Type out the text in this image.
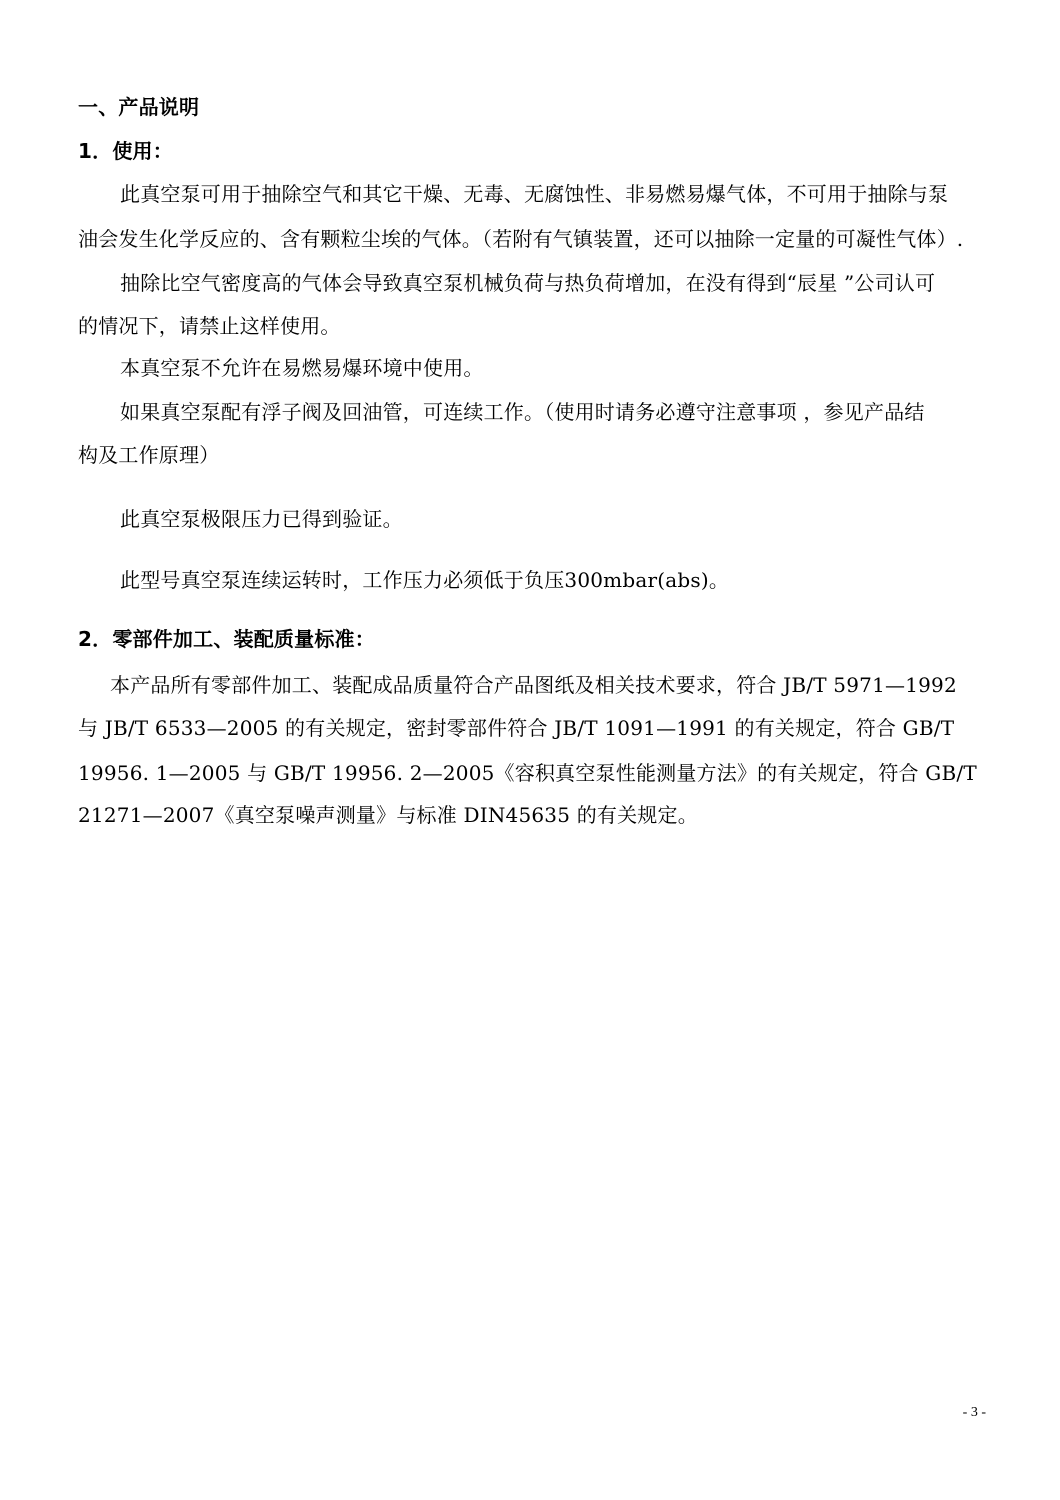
一、产品说明
1．使用：
此真空泵可用于抽除空气和其它干燥、无毒、无腐蚀性、非易燃易爆气体，不可用于抽除与泵
油会发生化学反应的、含有颗粒尘埃的气体。（若附有气镇装置，还可以抽除一定量的可凝性气体）.
抽除比空气密度高的气体会导致真空泵机械负荷与热负荷增加，在没有得到“辰星 ”公司认可
的情况下，请禁止这样使用。
本真空泵不允许在易燃易爆环境中使用。
如果真空泵配有浮子阀及回油管，可连续工作。（使用时请务必遵守注意事项 ，参见产品结
构及工作原理）
此真空泵极限压力已得到验证。
此型号真空泵连续运转时，工作压力必须低于负压300mbar(abs)。
2．零部件加工、装配质量标准：
本产品所有零部件加工、装配成品质量符合产品图纸及相关技术要求，符合 JB/T 5971—1992
与 JB/T 6533—2005 的有关规定，密封零部件符合 JB/T 1091—1991 的有关规定，符合 GB/T
19956. 1—2005 与 GB/T 19956. 2—2005《容积真空泵性能测量方法》的有关规定，符合 GB/T
21271—2007《真空泵噪声测量》与标准 DIN45635 的有关规定。
- 3 -
